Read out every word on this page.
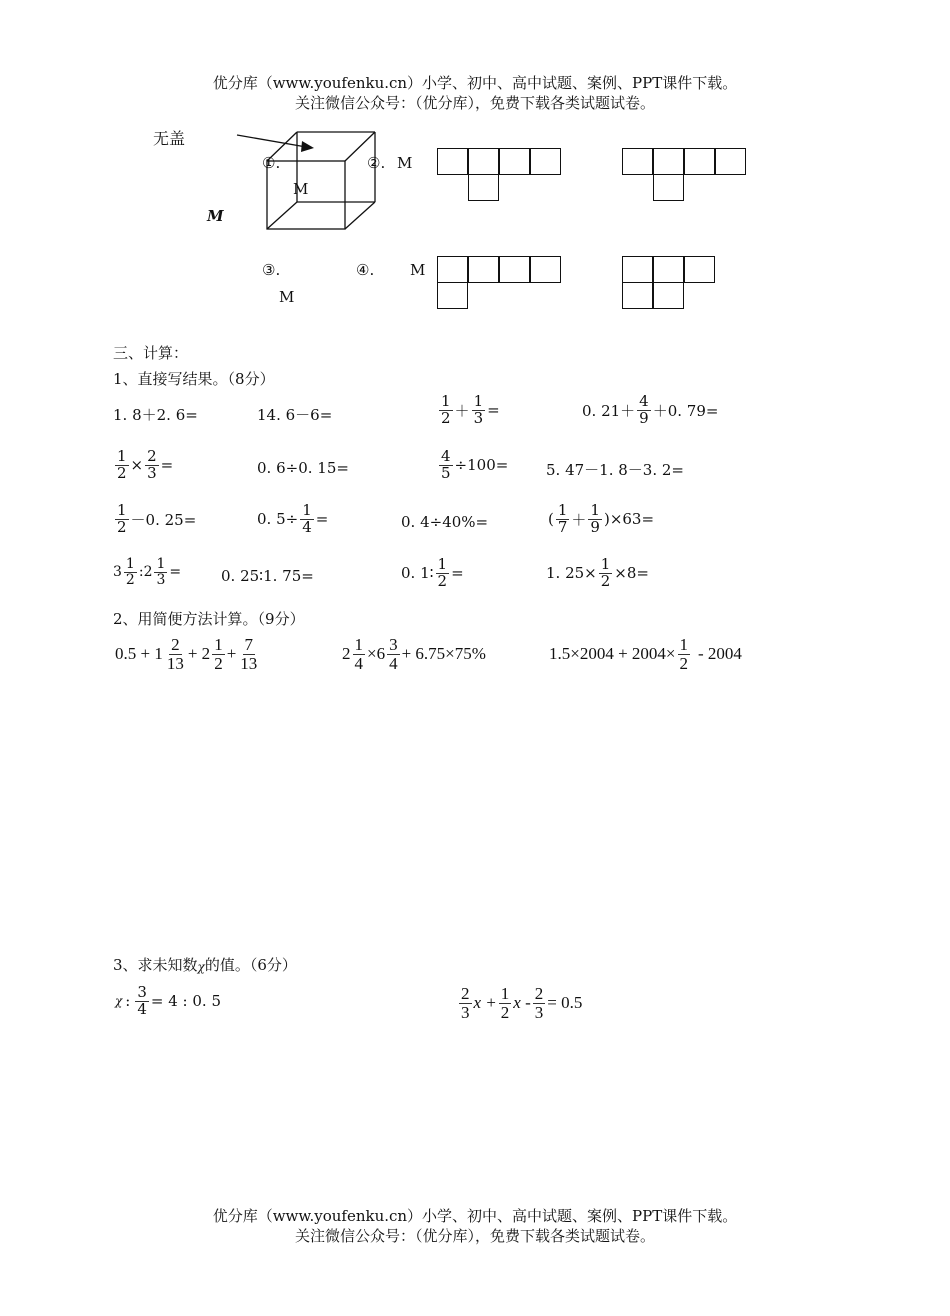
优分库（www.youfenku.cn）小学、初中、高中试题、案例、PPT课件下载。
关注微信公众号：（优分库），免费下载各类试题试卷。
无盖
①.
M
M
②. M
③.	④. M
M
三、计算：
1、直接写结果。（8分）
1. 8＋2. 6=	14. 6－6=	$\frac{1}{2} + \frac{1}{3}$ =	0. $21+ \frac{4}{9} +0$. 79=
$\frac{1}{2} \times \frac{2}{3}$ =	0. 6÷0. 15=	$\frac{4}{5} \div 100=$	5. 47－1. 8－3. 2=
$\frac{1}{2} -0$. 25=	0. $5\div \frac{1}{4}$ =	0. 4÷40%=	( $\frac{1}{7} + \frac{1}{9} )\times 63=$
$3 \frac{1}{2}$ : $2 \frac{1}{3}$ =	0. 25∶1. 75=	0. 1∶ $\frac{1}{2}$ =	1. $25\times \frac{1}{2} \times 8=$
2、用简便方法计算。（9分）
$0.5 + 1 \frac{2}{13} + 2 \frac{1}{2} + \frac{7}{13}$	$2 \frac{1}{4} \times 6 \frac{3}{4} + 6.75\times 75\%$	$1.5\times 2004 + 2004\times \frac{1}{2} - 2004$
3、求未知数 χ 的值。（6分）
χ : $\frac{3}{4} = 4$ : 0. 5	$\frac{2}{3}$ $x + \frac{1}{2}$ $x - \frac{2}{3} = 0.5$
优分库（www.youfenku.cn）小学、初中、高中试题、案例、PPT课件下载。
关注微信公众号：（优分库），免费下载各类试题试卷。
